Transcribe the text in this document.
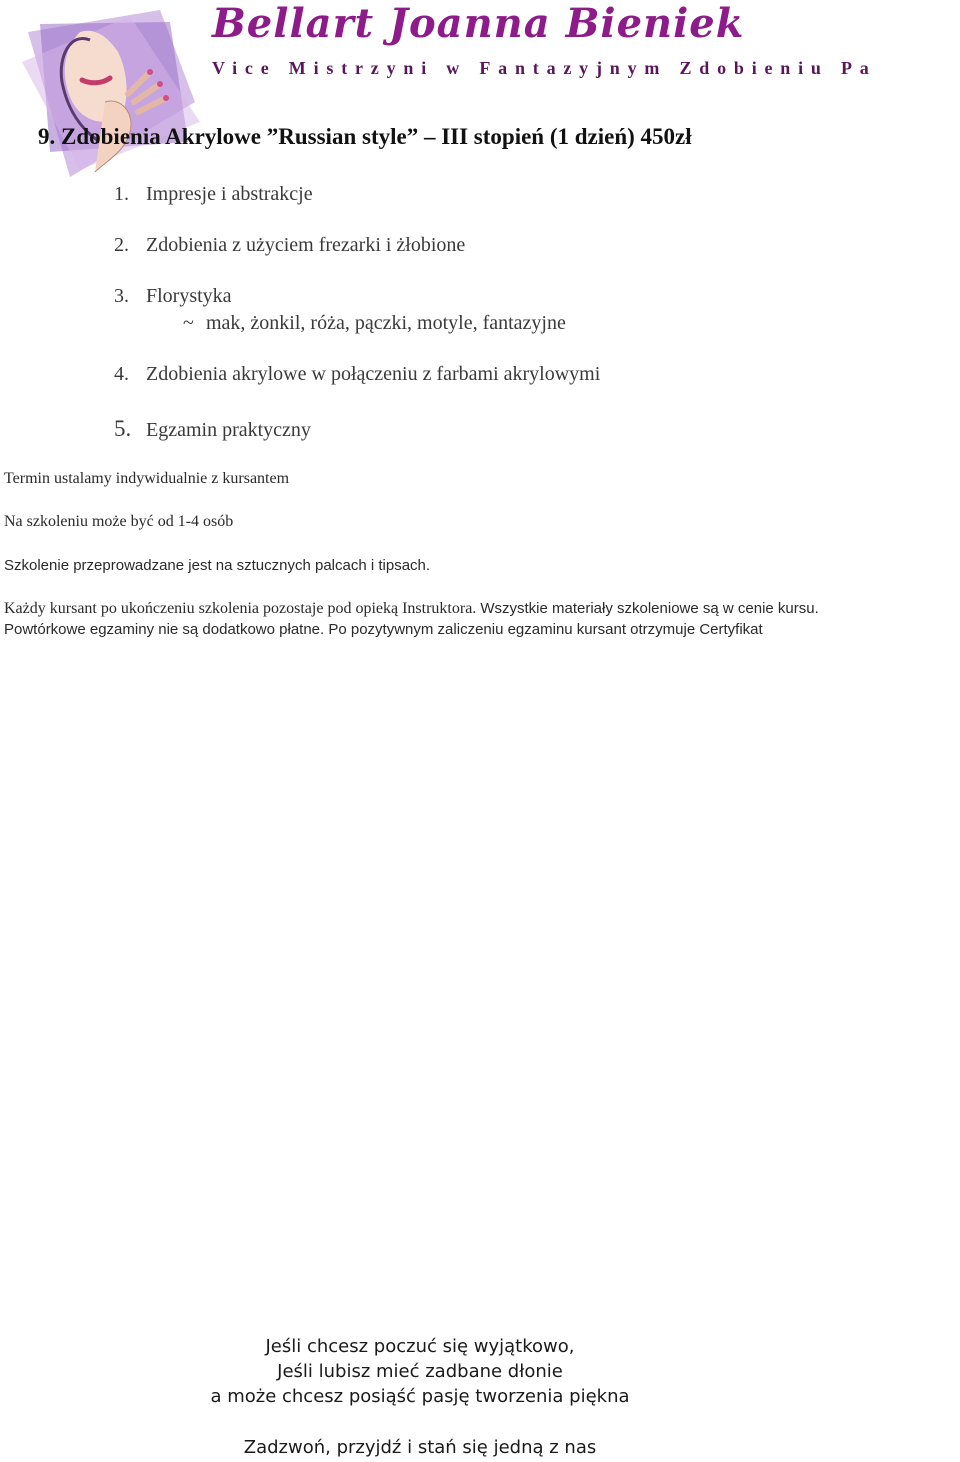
Bellart Joanna Bieniek
Vice Mistrzyni w Fantazyjnym Zdobieniu Pa
9. Zdobienia Akrylowe ”Russian style” – III stopień (1 dzień) 450zł
1. Impresje i abstrakcje
2. Zdobienia z użyciem frezarki i żłobione
3. Florystyka
~ mak, żonkil, róża, pączki, motyle, fantazyjne
4. Zdobienia akrylowe w połączeniu z farbami akrylowymi
5. Egzamin praktyczny
Termin ustalamy indywidualnie z kursantem
Na szkoleniu może być od 1-4 osób
Szkolenie przeprowadzane jest na sztucznych palcach i tipsach.
Każdy kursant po ukończeniu szkolenia pozostaje pod opieką Instruktora. Wszystkie materiały szkoleniowe są w cenie kursu. Powtórkowe egzaminy nie są dodatkowo płatne. Po pozytywnym zaliczeniu egzaminu kursant otrzymuje Certyfikat
Jeśli chcesz poczuć się wyjątkowo,
Jeśli lubisz mieć zadbane dłonie
a może chcesz posiąść pasję tworzenia piękna
Zadzwoń, przyjdź i stań się jedną z nas
